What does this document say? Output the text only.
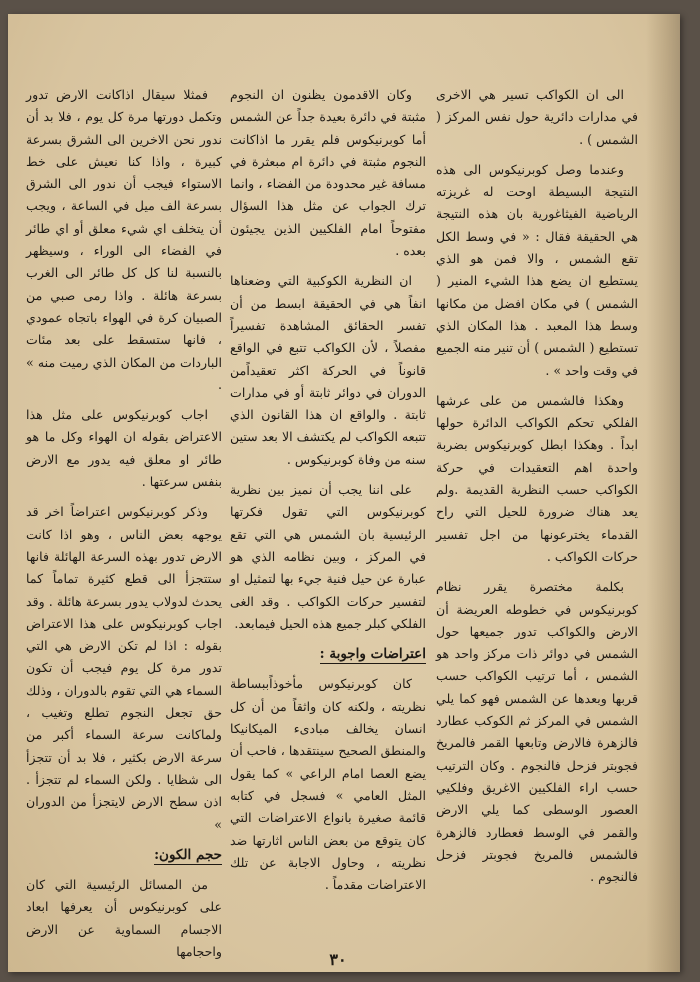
الى ان الكواكب تسير هي الاخرى في مدارات دائرية حول نفس المركز ( الشمس ) .

وعندما وصل كوبرنيكوس الى هذه النتيجة البسيطة اوحت له غريزته الرياضية الفيثاغورية بان هذه النتيجة هي الحقيقة فقال : « في وسط الكل تقع الشمس ، والا فمن هو الذي يستطيع ان يضع هذا الشيء المنير ( الشمس ) في مكان افضل من مكانها وسط هذا المعبد . هذا المكان الذي تستطيع ( الشمس ) أن تنير منه الجميع في وقت واحد » .

وهكذا فالشمس من على عرشها الفلكي تحكم الكواكب الدائرة حولها ابداً . وهكذا ابطل كوبرنيكوس بضربة واحدة اهم التعقيدات في حركة الكواكب حسب النظرية القديمة .ولم يعد هناك ضرورة للحيل التي راح القدماء يخترعونها من اجل تفسير حركات الكواكب .

بكلمة مختصرة يقرر نظام كوبرنيكوس في خطوطه العريضة أن الارض والكواكب تدور جميعها حول الشمس في دوائر ذات مركز واحد هو الشمس ، أما ترتيب الكواكب حسب قربها وبعدها عن الشمس فهو كما يلي الشمس في المركز ثم الكوكب عطارد فالزهرة فالارض وتابعها القمر فالمريخ فجوبتر فزحل فالنجوم . وكان الترتيب حسب اراء الفلكيين الاغريق وفلكيي العصور الوسطى كما يلي الارض والقمر في الوسط فعطارد فالزهرة فالشمس فالمريخ فجوبتر فزحل فالنجوم .

وكان الاقدمون يظنون ان النجوم مثبتة في دائرة بعيدة جداً عن الشمس أما كوبرنيكوس فلم يقرر ما اذاكانت النجوم مثبتة في دائرة ام مبعثرة في مسافة غير محدودة من الفضاء ، وانما ترك الجواب عن مثل هذا السؤال مفتوحاً امام الفلكيين الذين يجيئون بعده .

ان النظرية الكوكبية التي وضعناها انفاً هي في الحقيقة ابسط من أن تفسر الحقائق المشاهدة تفسيراً مفصلاً ، لأن الكواكب تتبع في الواقع قانوناً في الحركة اكثر تعقيداًمن الدوران في دوائر ثابتة أو في مدارات ثابتة . والواقع ان هذا القانون الذي تتبعه الكواكب لم يكتشف الا بعد ستين سنه من وفاة كوبرنيكوس .

على اننا يجب أن نميز بين نظرية كوبرنيكوس التي تقول فكرتها الرئيسية بان الشمس هي التي تقع في المركز ، وبين نظامه الذي هو عبارة عن حيل فنية جيء بها لتمثيل او لتفسير حركات الكواكب . وقد الغى الفلكي كبلر جميع هذه الحيل فيمابعد.

اعتراضات واجوبة :

كان كوبرنيكوس مأخوذاًببساطة نظريته ، ولكنه كان واثقاً من أن كل انسان يخالف مبادىء الميكانيكا والمنطق الصحيح سينتقدها ، فاحب أن يضع العصا امام الراعي » كما يقول المثل العامي » فسجل في كتابه قائمة صغيرة بانواع الاعتراضات التي كان يتوقع من بعض الناس اثارتها ضد نظريته ، وحاول الاجابة عن تلك الاعتراضات مقدماً .

فمثلا سيقال اذاكانت الارض تدور وتكمل دورتها مرة كل يوم ، فلا بد أن ندور نحن الاخرين الى الشرق بسرعة كبيرة ، واذا كنا نعيش على خط الاستواء فيجب أن ندور الى الشرق بسرعة الف ميل في الساعة ، ويجب أن يتخلف اي شيء معلق أو اي طائر في الفضاء الى الوراء ، وسيظهر بالنسبة لنا كل كل طائر الى الغرب بسرعة هائلة . واذا رمى صبي من الصبيان كرة في الهواء باتجاه عمودي ، فانها ستسقط على بعد مئات الباردات من المكان الذي رميت منه » .

اجاب كوبرنيكوس على مثل هذا الاعتراض بقوله ان الهواء وكل ما هو طائر او معلق فيه يدور مع الارض بنفس سرعتها .

وذكر كوبرنيكوس اعتراضاً اخر قد يوجهه بعض الناس ، وهو اذا كانت الارض تدور بهذه السرعة الهائلة فانها ستتجزأ الى قطع كثيرة تماماً كما يحدث لدولاب يدور بسرعة هائلة . وقد اجاب كوبرنيكوس على هذا الاعتراض بقوله : اذا لم تكن الارض هي التي تدور مرة كل يوم فيجب أن تكون السماء هي التي تقوم بالدوران ، وذلك حق تجعل النجوم تطلع وتغيب ، ولماكانت سرعة السماء أكبر من سرعة الارض بكثير ، فلا بد أن تتجزأ الى شظايا . ولكن السماء لم تتجزأ . اذن سطح الارض لايتجزأ من الدوران »

حجم الكون:

من المسائل الرئيسية التي كان على كوبرنيكوس أن يعرفها ابعاد الاجسام السماوية عن الارض واحجامها	٣٠
